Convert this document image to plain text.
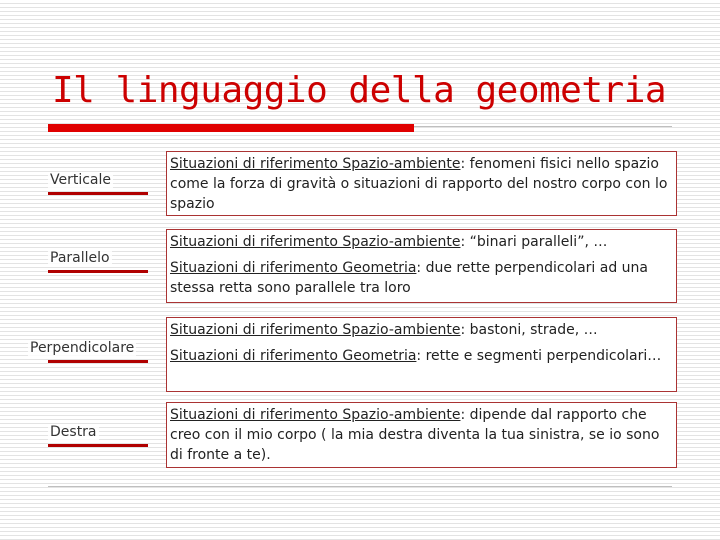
Il linguaggio della geometria
Verticale

Situazioni di riferimento Spazio-ambiente: fenomeni fisici nello spazio come la forza di gravità o situazioni di rapporto del nostro corpo con lo spazio

Parallelo

Situazioni di riferimento Spazio-ambiente: “binari paralleli”, …

Situazioni di riferimento Geometria: due rette perpendicolari ad una stessa retta sono parallele tra loro

Perpendicolare

Situazioni di riferimento Spazio-ambiente: bastoni, strade, …

Situazioni di riferimento Geometria: rette e segmenti perpendicolari…

Destra

Situazioni di riferimento Spazio-ambiente: dipende dal rapporto che creo con il mio corpo ( la mia destra diventa la tua sinistra, se io sono di fronte a te).
